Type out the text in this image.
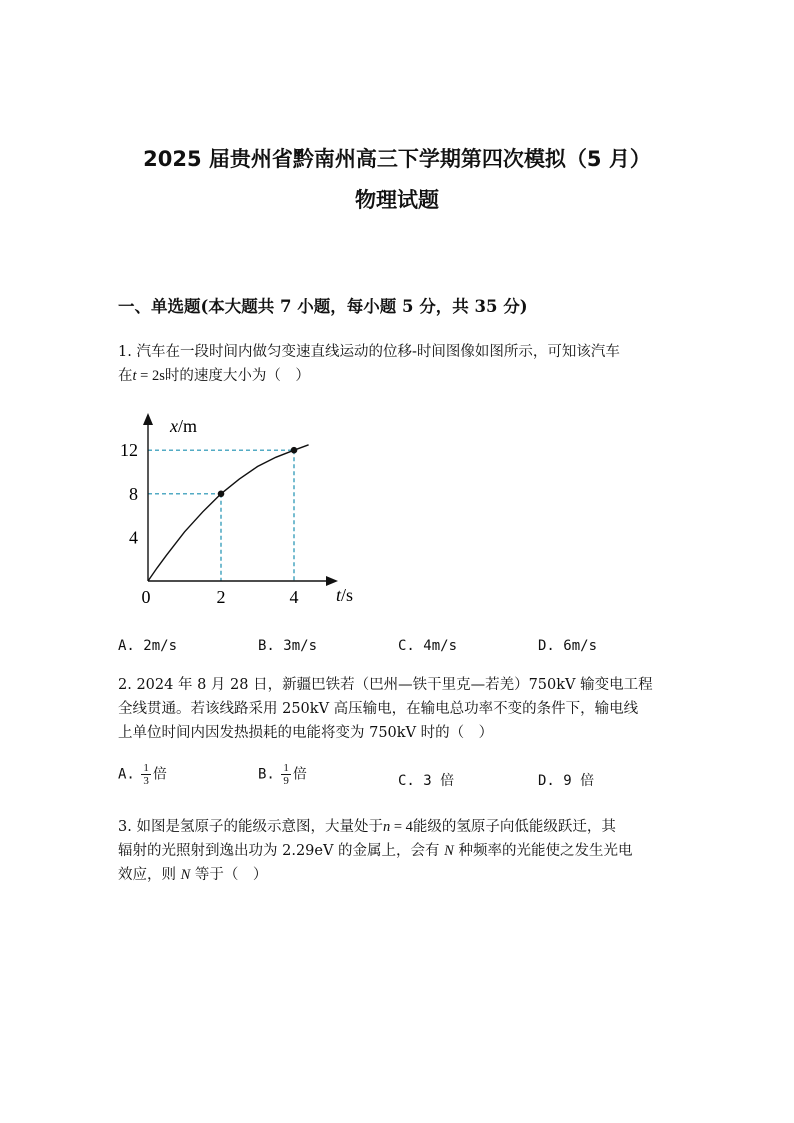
2025 届贵州省黔南州高三下学期第四次模拟（5 月）
物理试题
一、单选题(本大题共 7 小题，每小题 5 分，共 35 分)
1. 汽车在一段时间内做匀变速直线运动的位移-时间图像如图所示，可知该汽车
在t = 2s时的速度大小为（　）
2	4
4
8
12
x/m
t/s
0
A. 2m/s	B. 3m/s	C. 4m/s	D. 6m/s
2. 2024 年 8 月 28 日，新疆巴铁若（巴州—铁干里克—若羌）750kV 输变电工程
全线贯通。若该线路采用 250kV 高压输电，在输电总功率不变的条件下，输电线
上单位时间内因发热损耗的电能将变为 750kV 时的（　）
A. $\frac{1}{3}$ 倍	B. $\frac{1}{9}$ 倍	C. 3 倍	D. 9 倍
3. 如图是氢原子的能级示意图，大量处于n = 4能级的氢原子向低能级跃迁，其
辐射的光照射到逸出功为 2.29eV 的金属上，会有 N 种频率的光能使之发生光电
效应，则 N 等于（　）
